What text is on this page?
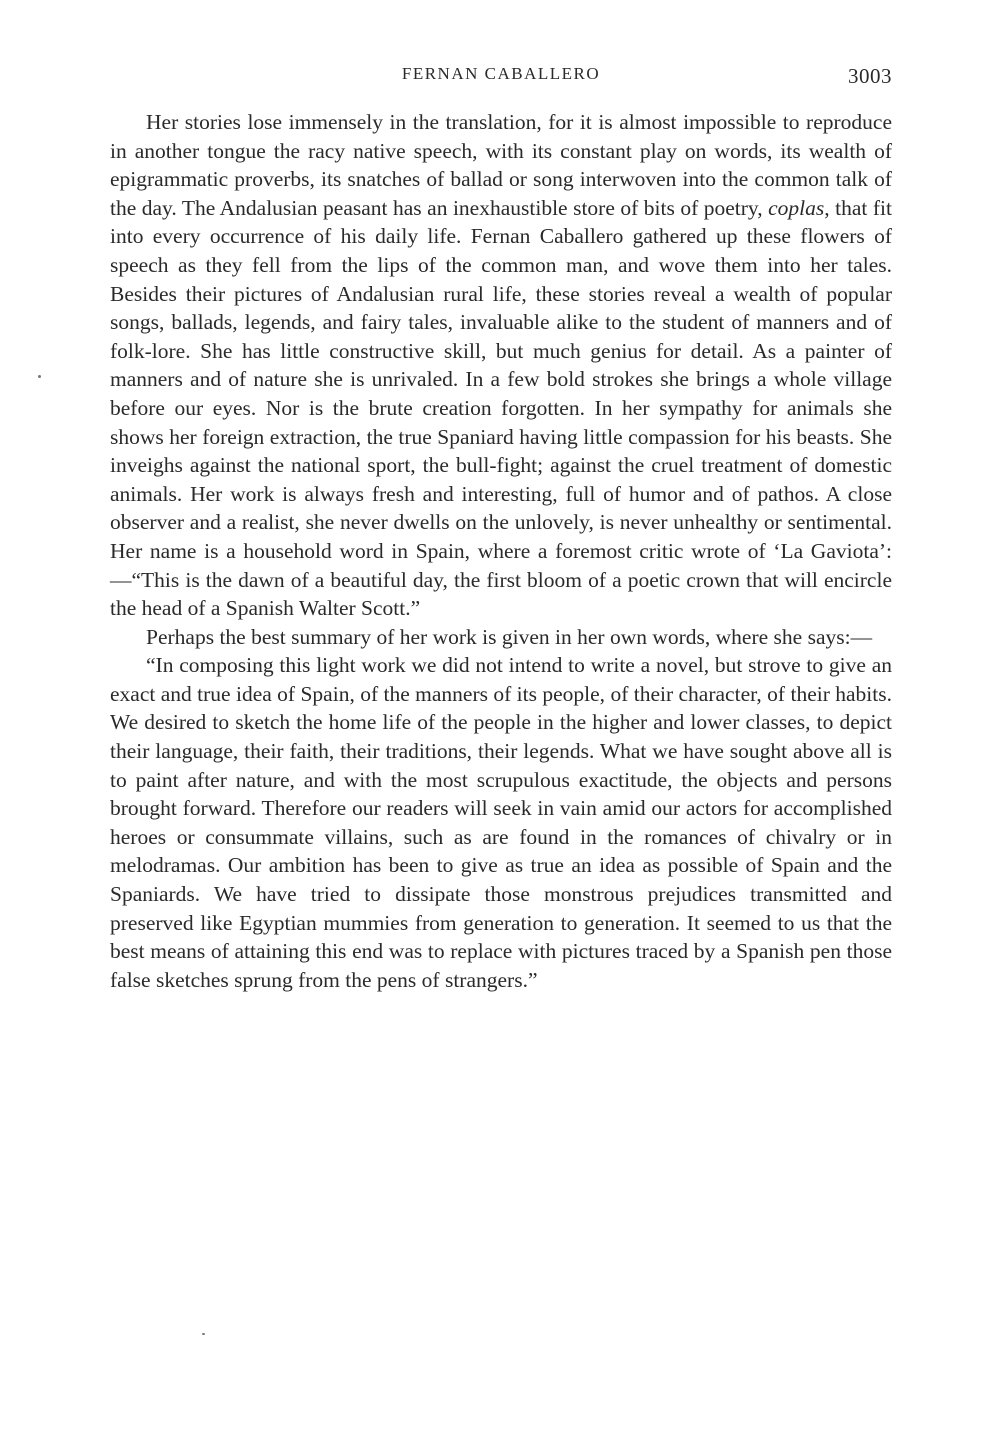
FERNAN CABALLERO	3003

Her stories lose immensely in the translation, for it is almost impossible to reproduce in another tongue the racy native speech, with its constant play on words, its wealth of epigrammatic proverbs, its snatches of ballad or song interwoven into the common talk of the day. The Andalusian peasant has an inexhaustible store of bits of poetry, coplas, that fit into every occurrence of his daily life. Fernan Caballero gathered up these flowers of speech as they fell from the lips of the common man, and wove them into her tales. Besides their pictures of Andalusian rural life, these stories reveal a wealth of popular songs, ballads, legends, and fairy tales, invaluable alike to the student of manners and of folk-lore. She has little constructive skill, but much genius for detail. As a painter of manners and of nature she is unrivaled. In a few bold strokes she brings a whole village before our eyes. Nor is the brute creation forgotten. In her sympathy for animals she shows her foreign extraction, the true Spaniard having little compassion for his beasts. She inveighs against the national sport, the bull-fight; against the cruel treatment of domestic animals. Her work is always fresh and interesting, full of humor and of pathos. A close observer and a realist, she never dwells on the unlovely, is never unhealthy or sentimental. Her name is a household word in Spain, where a foremost critic wrote of ‘La Gaviota’:—“This is the dawn of a beautiful day, the first bloom of a poetic crown that will encircle the head of a Spanish Walter Scott.”

Perhaps the best summary of her work is given in her own words, where she says:—

“In composing this light work we did not intend to write a novel, but strove to give an exact and true idea of Spain, of the manners of its people, of their character, of their habits. We desired to sketch the home life of the people in the higher and lower classes, to depict their language, their faith, their traditions, their legends. What we have sought above all is to paint after nature, and with the most scrupulous exactitude, the objects and persons brought forward. Therefore our readers will seek in vain amid our actors for accomplished heroes or consummate villains, such as are found in the romances of chivalry or in melodramas. Our ambition has been to give as true an idea as possible of Spain and the Spaniards. We have tried to dissipate those monstrous prejudices transmitted and preserved like Egyptian mummies from generation to generation. It seemed to us that the best means of attaining this end was to replace with pictures traced by a Spanish pen those false sketches sprung from the pens of strangers.”
